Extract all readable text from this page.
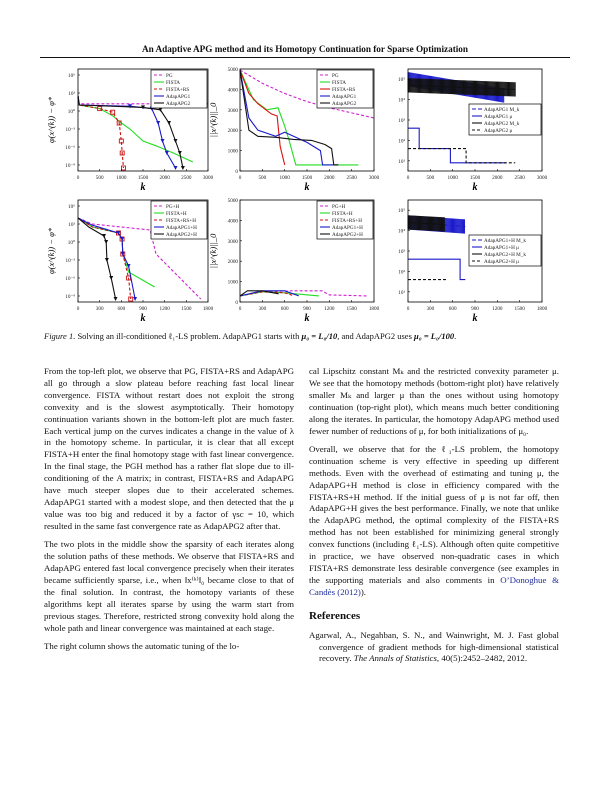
An Adaptive APG method and its Homotopy Continuation for Sparse Optimization
0	500 1000 1500 2000 2500 3000
10⁶
10³
10⁰
10⁻³
10⁻⁶
10⁻⁹
k
φ(x^(k)) − φ*
PG
FISTA
FISTA+RS
AdapAPG1
AdapAPG2
0	500	1000 1500 2000 2500 3000
0
1000
2000
3000
4000
5000
k
||x^(k)||_0
PG
FISTA
FISTA+RS
AdapAPG1
AdapAPG2
0	500	1000 1500 2000 2500 3000
10⁵
10⁴
10³
10²
10¹
k
AdapAPG1 M_k
AdapAPG1 μ
AdapAPG2 M_k
AdapAPG2 μ
0	300	600	900 1200 1500 1800
10⁶
10³
10⁰
10⁻³
10⁻⁶
10⁻⁹
k
φ(x^(k)) − φ*
PG+H
FISTA+H
FISTA+RS+H
AdapAPG1+H
AdapAPG2+H
0	300	600	900	1200 1500 1800
0
1000
2000
3000
4000
5000
k
||x^(k)||_0
PG+H
FISTA+H
FISTA+RS+H
AdapAPG1+H
AdapAPG2+H
0	300	600	900	1200 1500 1800
10⁵
10⁴
10³
10²
10¹
k
AdapAPG1+H M_k
AdapAPG1+H μ
AdapAPG2+H M_k
AdapAPG2+H μ
Figure 1. Solving an ill-conditioned ℓ₁-LS problem. AdapAPG1 starts with μ₀ = L₀/10, and AdapAPG2 uses μ₀ = L₀/100.

From the top-left plot, we observe that PG, FISTA+RS and AdapAPG all go through a slow plateau before reaching fast local linear convergence. FISTA without restart does not exploit the strong convexity and is the slowest asymptotically. Their homotopy continuation variants shown in the bottom-left plot are much faster. Each vertical jump on the curves indicates a change in the value of λ in the homotopy scheme. In particular, it is clear that all except FISTA+H enter the final homotopy stage with fast linear convergence. In the final stage, the PGH method has a rather flat slope due to ill-conditioning of the A matrix; in contrast, FISTA+RS and AdapAPG have much steeper slopes due to their accelerated schemes. AdapAPG1 started with a modest slope, and then detected that the μ value was too big and reduced it by a factor of γsc = 10, which resulted in the same fast convergence rate as AdapAPG2 after that.

The two plots in the middle show the sparsity of each iterates along the solution paths of these methods. We observe that FISTA+RS and AdapAPG entered fast local convergence precisely when their iterates became sufficiently sparse, i.e., when ‖x⁽ᵏ⁾‖₀ became close to that of the final solution. In contrast, the homotopy variants of these algorithms kept all iterates sparse by using the warm start from previous stages. Therefore, restricted strong convexity hold along the whole path and linear convergence was maintained at each stage.

The right column shows the automatic tuning of the lo-

cal Lipschitz constant Mₖ and the restricted convexity parameter μ. We see that the homotopy methods (bottom-right plot) have relatively smaller Mₖ and larger μ than the ones without using homotopy continuation (top-right plot), which means much better conditioning along the iterates. In particular, the homotopy AdapAPG method used fewer number of reductions of μ, for both initializations of μ₀.

Overall, we observe that for the ℓ₁-LS problem, the homotopy continuation scheme is very effective in speeding up different methods. Even with the overhead of estimating and tuning μ, the AdapAPG+H method is close in efficiency compared with the FISTA+RS+H method. If the initial guess of μ is not far off, then AdapAPG+H gives the best performance. Finally, we note that unlike the AdapAPG method, the optimal complexity of the FISTA+RS method has not been established for minimizing general strongly convex functions (including ℓ₁-LS). Although often quite competitive in practice, we have observed non-quadratic cases in which FISTA+RS demonstrate less desirable convergence (see examples in the supporting materials and also comments in O’Donoghue & Candès (2012)).

References

Agarwal, A., Negahban, S. N., and Wainwright, M. J. Fast global convergence of gradient methods for high-dimensional statistical recovery. The Annals of Statistics, 40(5):2452–2482, 2012.
